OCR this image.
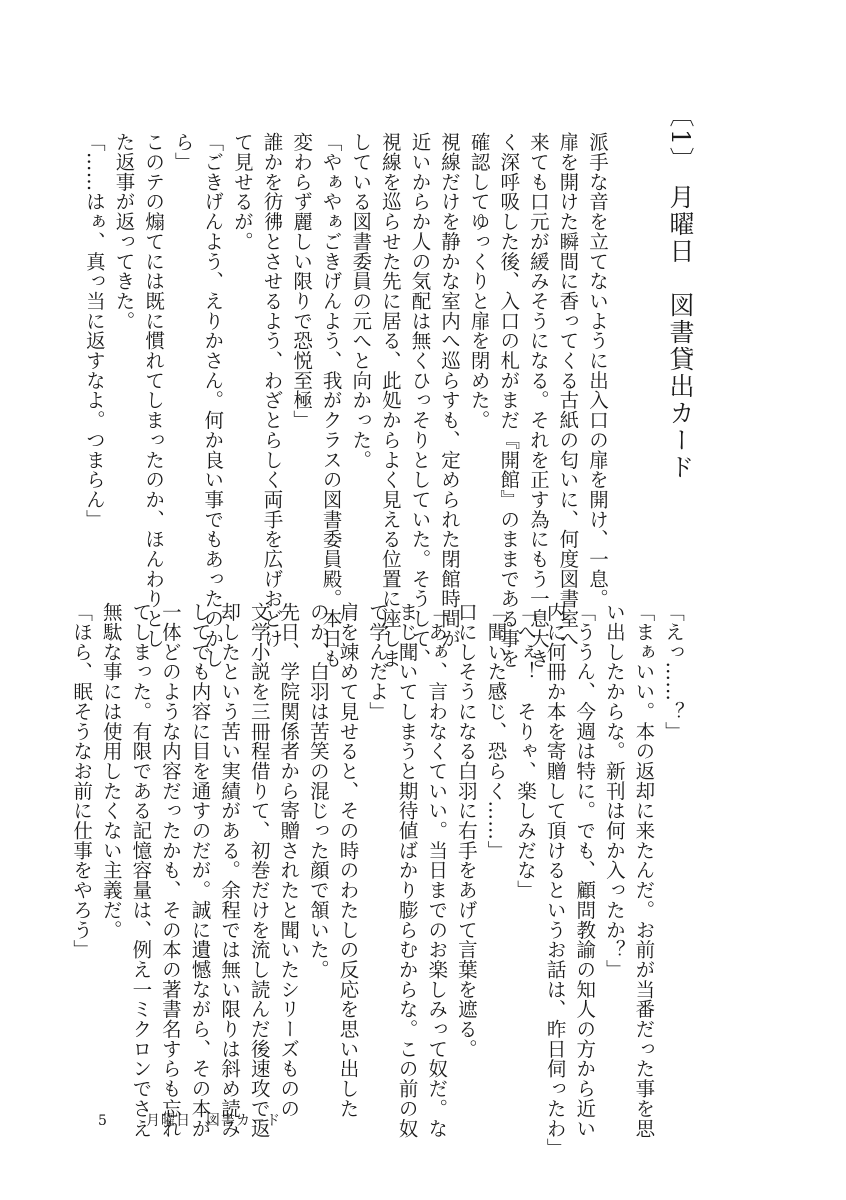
〔1〕 月曜日　図書貸出カード

派手な音を立てないように出入口の扉を開け、一息。

扉を開けた瞬間に香ってくる古紙の匂いに、何度図書室へ

来ても口元が緩みそうになる。それを正す為にもう一息大き

く深呼吸した後、入口の札がまだ『開館』のままである事を

確認してゆっくりと扉を閉めた。

視線だけを静かな室内へ巡らすも、定められた閉館時間が

近いからか人の気配は無くひっそりとしていた。そうして、

視線を巡らせた先に居る、此処からよく見える位置に座しま

している図書委員の元へと向かった。

「やぁやぁごきげんよう、我がクラスの図書委員殿。本日も

変わらず麗しい限りで恐悦至極」

誰かを彷彿とさせるよう、わざとらしく両手を広げおどけ

て見せるが。

「ごきげんよう、えりかさん。何か良い事でもあったのかし

ら」

このテの煽てには既に慣れてしまったのか、ほんわりとし

た返事が返ってきた。

「……はぁ、真っ当に返すなよ。つまらん」

「えっ……？」

「まぁいい。本の返却に来たんだ。お前が当番だった事を思

い出したからな。新刊は何か入ったか？」

「ううん、今週は特に。でも、顧問教諭の知人の方から近い

内に何冊か本を寄贈して頂けるというお話は、昨日伺ったわ」

「へぇ！　そりゃ、楽しみだな」

「聞いた感じ、恐らく……」

口にしそうになる白羽に右手をあげて言葉を遮る。

「あぁ、言わなくていい。当日までのお楽しみって奴だ。な

まじ聞いてしまうと期待値ばかり膨らむからな。この前の奴

で学んだよ」

肩を竦めて見せると、その時のわたしの反応を思い出した

のか、白羽は苦笑の混じった顔で頷いた。

先日、学院関係者から寄贈されたと聞いたシリーズものの

文学小説を三冊程借りて、初巻だけを流し読んだ後速攻で返

却したという苦い実績がある。余程では無い限りは斜め読み

してでも内容に目を通すのだが。誠に遺憾ながら、その本が

一体どのような内容だったかも、その本の著書名すらも忘れ

てしまった。有限である記憶容量は、例え一ミクロンでさえ

無駄な事には使用したくない主義だ。

「ほら、眠そうなお前に仕事をやろう」

5	月曜日　図書カード
